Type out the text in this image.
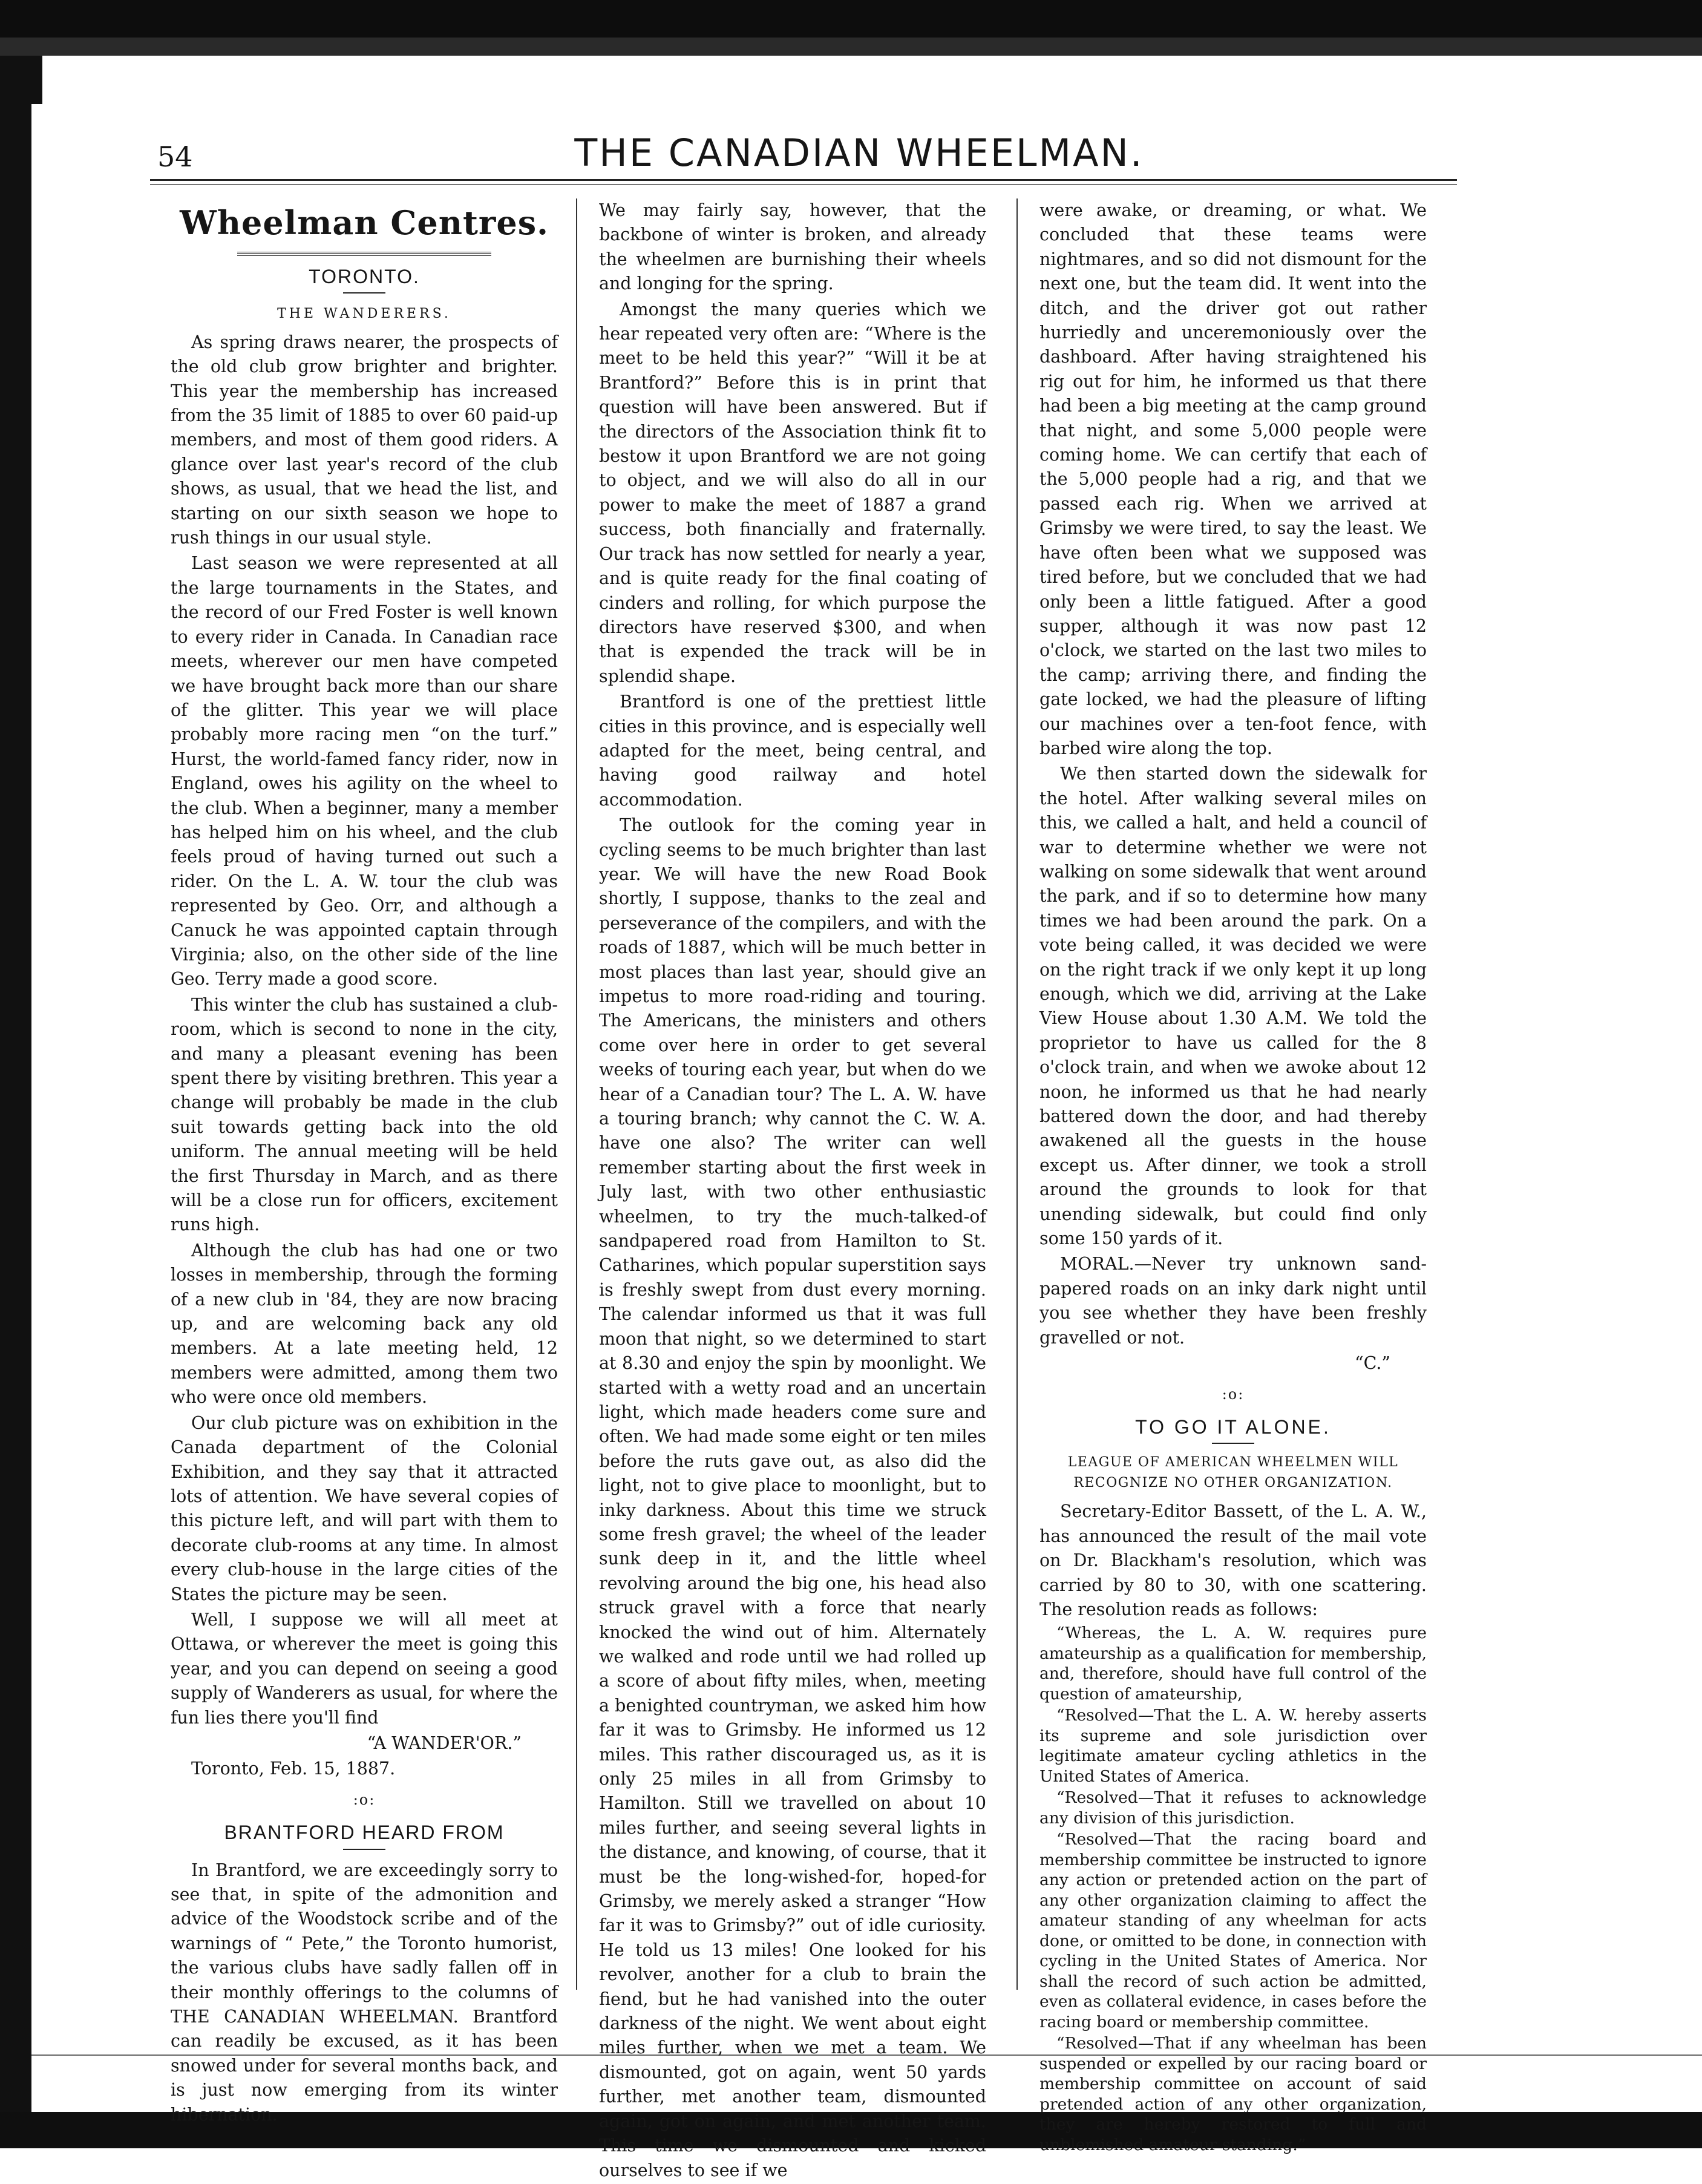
54	THE CANADIAN WHEELMAN.
Wheelman Centres.
TORONTO.
THE WANDERERS.

As spring draws nearer, the prospects of the old club grow brighter and brighter. This year the membership has increased from the 35 limit of 1885 to over 60 paid-up members, and most of them good riders. A glance over last year's record of the club shows, as usual, that we head the list, and starting on our sixth season we hope to rush things in our usual style.

Last season we were represented at all the large tournaments in the States, and the record of our Fred Foster is well known to every rider in Canada. In Canadian race meets, wherever our men have competed we have brought back more than our share of the glitter. This year we will place probably more racing men “on the turf.” Hurst, the world-famed fancy rider, now in England, owes his agility on the wheel to the club. When a beginner, many a member has helped him on his wheel, and the club feels proud of having turned out such a rider. On the L. A. W. tour the club was represented by Geo. Orr, and although a Canuck he was appointed captain through Virginia; also, on the other side of the line Geo. Terry made a good score.

This winter the club has sustained a club-room, which is second to none in the city, and many a pleasant evening has been spent there by visiting brethren. This year a change will probably be made in the club suit towards getting back into the old uniform. The annual meeting will be held the first Thursday in March, and as there will be a close run for officers, excitement runs high.

Although the club has had one or two losses in membership, through the forming of a new club in '84, they are now bracing up, and are welcoming back any old members. At a late meeting held, 12 members were admitted, among them two who were once old members.

Our club picture was on exhibition in the Canada department of the Colonial Exhibition, and they say that it attracted lots of attention. We have several copies of this picture left, and will part with them to decorate club-rooms at any time. In almost every club-house in the large cities of the States the picture may be seen.

Well, I suppose we will all meet at Ottawa, or wherever the meet is going this year, and you can depend on seeing a good supply of Wanderers as usual, for where the fun lies there you'll find

“A WANDER'OR.”

Toronto, Feb. 15, 1887.

:o:
BRANTFORD HEARD FROM

In Brantford, we are exceedingly sorry to see that, in spite of the admonition and advice of the Woodstock scribe and of the warnings of “ Pete,” the Toronto humorist, the various clubs have sadly fallen off in their monthly offerings to the columns of THE CANADIAN WHEELMAN. Brantford can readily be excused, as it has been snowed under for several months back, and is just now emerging from its winter hibernation.

We may fairly say, however, that the backbone of winter is broken, and already the wheelmen are burnishing their wheels and longing for the spring.

Amongst the many queries which we hear repeated very often are: “Where is the meet to be held this year?” “Will it be at Brantford?” Before this is in print that question will have been answered. But if the directors of the Association think fit to bestow it upon Brantford we are not going to object, and we will also do all in our power to make the meet of 1887 a grand success, both financially and fraternally. Our track has now settled for nearly a year, and is quite ready for the final coating of cinders and rolling, for which purpose the directors have reserved $300, and when that is expended the track will be in splendid shape.

Brantford is one of the prettiest little cities in this province, and is especially well adapted for the meet, being central, and having good railway and hotel accommodation.

The outlook for the coming year in cycling seems to be much brighter than last year. We will have the new Road Book shortly, I suppose, thanks to the zeal and perseverance of the compilers, and with the roads of 1887, which will be much better in most places than last year, should give an impetus to more road-riding and touring. The Americans, the ministers and others come over here in order to get several weeks of touring each year, but when do we hear of a Canadian tour? The L. A. W. have a touring branch; why cannot the C. W. A. have one also? The writer can well remember starting about the first week in July last, with two other enthusiastic wheelmen, to try the much-talked-of sandpapered road from Hamilton to St. Catharines, which popular superstition says is freshly swept from dust every morning. The calendar informed us that it was full moon that night, so we determined to start at 8.30 and enjoy the spin by moonlight. We started with a wetty road and an uncertain light, which made headers come sure and often. We had made some eight or ten miles before the ruts gave out, as also did the light, not to give place to moonlight, but to inky darkness. About this time we struck some fresh gravel; the wheel of the leader sunk deep in it, and the little wheel revolving around the big one, his head also struck gravel with a force that nearly knocked the wind out of him. Alternately we walked and rode until we had rolled up a score of about fifty miles, when, meeting a benighted countryman, we asked him how far it was to Grimsby. He informed us 12 miles. This rather discouraged us, as it is only 25 miles in all from Grimsby to Hamilton. Still we travelled on about 10 miles further, and seeing several lights in the distance, and knowing, of course, that it must be the long-wished-for, hoped-for Grimsby, we merely asked a stranger “How far it was to Grimsby?” out of idle curiosity. He told us 13 miles! One looked for his revolver, another for a club to brain the fiend, but he had vanished into the outer darkness of the night. We went about eight miles further, when we met a team. We dismounted, got on again, went 50 yards further, met another team, dismounted again, got on again, and met another team. This time we dismounted and kicked ourselves to see if we

were awake, or dreaming, or what. We concluded that these teams were nightmares, and so did not dismount for the next one, but the team did. It went into the ditch, and the driver got out rather hurriedly and unceremoniously over the dashboard. After having straightened his rig out for him, he informed us that there had been a big meeting at the camp ground that night, and some 5,000 people were coming home. We can certify that each of the 5,000 people had a rig, and that we passed each rig. When we arrived at Grimsby we were tired, to say the least. We have often been what we supposed was tired before, but we concluded that we had only been a little fatigued. After a good supper, although it was now past 12 o'clock, we started on the last two miles to the camp; arriving there, and finding the gate locked, we had the pleasure of lifting our machines over a ten-foot fence, with barbed wire along the top.

We then started down the sidewalk for the hotel. After walking several miles on this, we called a halt, and held a council of war to determine whether we were not walking on some sidewalk that went around the park, and if so to determine how many times we had been around the park. On a vote being called, it was decided we were on the right track if we only kept it up long enough, which we did, arriving at the Lake View House about 1.30 A.M. We told the proprietor to have us called for the 8 o'clock train, and when we awoke about 12 noon, he informed us that he had nearly battered down the door, and had thereby awakened all the guests in the house except us. After dinner, we took a stroll around the grounds to look for that unending sidewalk, but could find only some 150 yards of it.

MORAL.—Never try unknown sand-papered roads on an inky dark night until you see whether they have been freshly gravelled or not.

“C.”

:o:
TO GO IT ALONE.
LEAGUE OF AMERICAN WHEELMEN WILL RECOGNIZE NO OTHER ORGANIZATION.

Secretary-Editor Bassett, of the L. A. W., has announced the result of the mail vote on Dr. Blackham's resolution, which was carried by 80 to 30, with one scattering. The resolution reads as follows:

“Whereas, the L. A. W. requires pure amateurship as a qualification for membership, and, therefore, should have full control of the question of amateurship,

“Resolved—That the L. A. W. hereby asserts its supreme and sole jurisdiction over legitimate amateur cycling athletics in the United States of America.

“Resolved—That it refuses to acknowledge any division of this jurisdiction.

“Resolved—That the racing board and membership committee be instructed to ignore any action or pretended action on the part of any other organization claiming to affect the amateur standing of any wheelman for acts done, or omitted to be done, in connection with cycling in the United States of America. Nor shall the record of such action be admitted, even as collateral evidence, in cases before the racing board or membership committee.

“Resolved—That if any wheelman has been suspended or expelled by our racing board or membership committee on account of said pretended action of any other organization, they are hereby restored to full and unblemished amateur standing.”
